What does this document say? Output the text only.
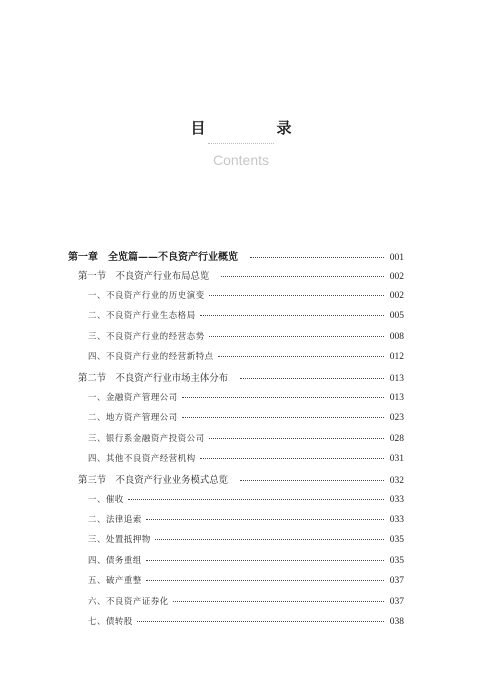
目　录
Contents
第一章　全览篇——不良资产行业概览	001
第一节　不良资产行业布局总览	002
一、不良资产行业的历史演变	002
二、不良资产行业生态格局	005
三、不良资产行业的经营态势	008
四、不良资产行业的经营新特点	012
第二节　不良资产行业市场主体分布	013
一、金融资产管理公司	013
二、地方资产管理公司	023
三、银行系金融资产投资公司	028
四、其他不良资产经营机构	031
第三节　不良资产行业业务模式总览	032
一、催收	033
二、法律追索	033
三、处置抵押物	035
四、债务重组	035
五、破产重整	037
六、不良资产证券化	037
七、债转股	038
